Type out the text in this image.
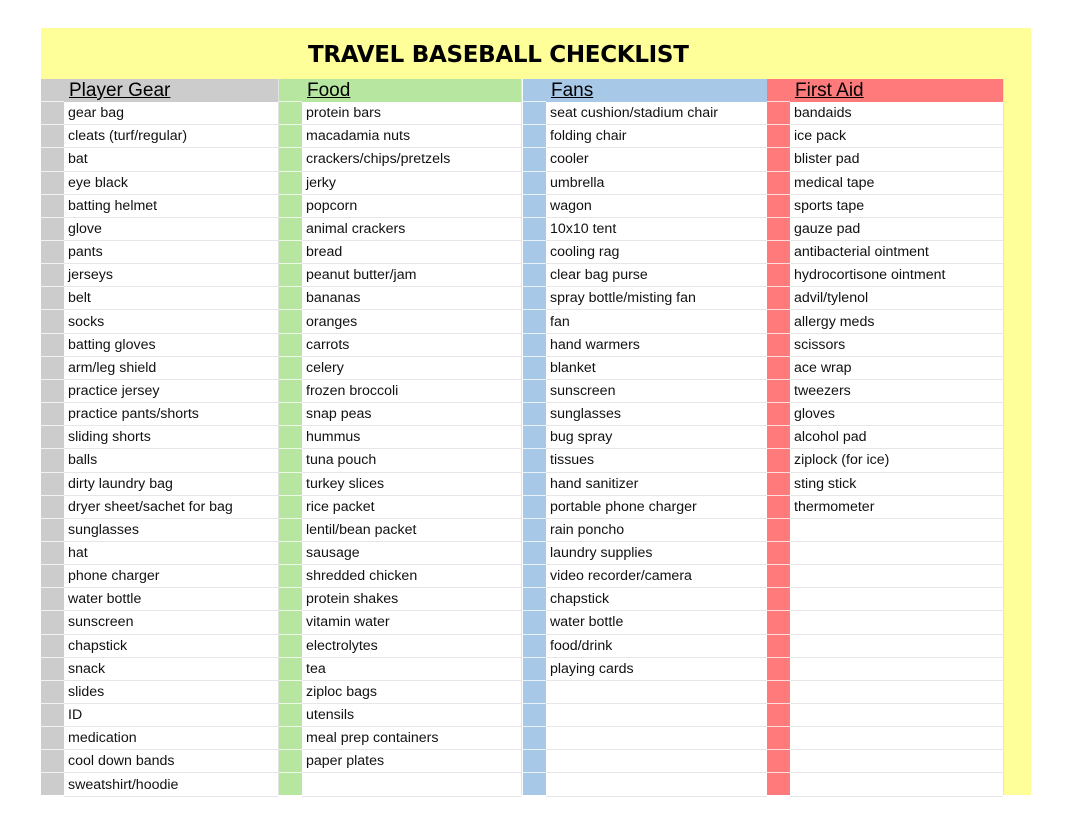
TRAVEL BASEBALL CHECKLIST
Player Gear
gear bag
cleats (turf/regular)
bat
eye black
batting helmet
glove
pants
jerseys
belt
socks
batting gloves
arm/leg shield
practice jersey
practice pants/shorts
sliding shorts
balls
dirty laundry bag
dryer sheet/sachet for bag
sunglasses
hat
phone charger
water bottle
sunscreen
chapstick
snack
slides
ID
medication
cool down bands
sweatshirt/hoodie
Food
protein bars
macadamia nuts
crackers/chips/pretzels
jerky
popcorn
animal crackers
bread
peanut butter/jam
bananas
oranges
carrots
celery
frozen broccoli
snap peas
hummus
tuna pouch
turkey slices
rice packet
lentil/bean packet
sausage
shredded chicken
protein shakes
vitamin water
electrolytes
tea
ziploc bags
utensils
meal prep containers
paper plates
Fans
seat cushion/stadium chair
folding chair
cooler
umbrella
wagon
10x10 tent
cooling rag
clear bag purse
spray bottle/misting fan
fan
hand warmers
blanket
sunscreen
sunglasses
bug spray
tissues
hand sanitizer
portable phone charger
rain poncho
laundry supplies
video recorder/camera
chapstick
water bottle
food/drink
playing cards
First Aid
bandaids
ice pack
blister pad
medical tape
sports tape
gauze pad
antibacterial ointment
hydrocortisone ointment
advil/tylenol
allergy meds
scissors
ace wrap
tweezers
gloves
alcohol pad
ziplock (for ice)
sting stick
thermometer
